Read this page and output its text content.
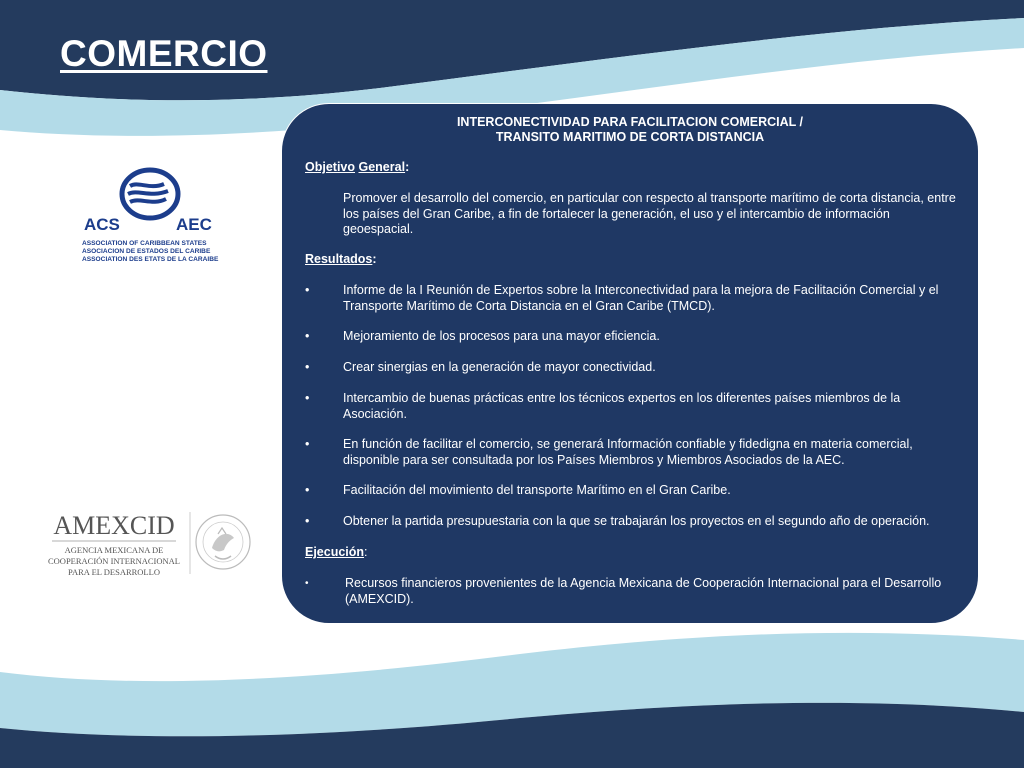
COMERCIO
ACS	AEC
ASSOCIATION OF CARIBBEAN STATES
ASOCIACION DE ESTADOS DEL CARIBE
ASSOCIATION DES ETATS DE LA CARAIBE
AMEXCID
AGENCIA MEXICANA DE
COOPERACIÓN INTERNACIONAL
PARA EL DESARROLLO
INTERCONECTIVIDAD PARA FACILITACION COMERCIAL /
TRANSITO MARITIMO DE CORTA DISTANCIA
Objetivo General:
Promover el desarrollo del comercio, en particular con respecto al transporte marítimo de corta distancia, entre los países del Gran Caribe, a fin de fortalecer la generación, el uso y el intercambio de información geoespacial.
Resultados:
•	Informe de la I Reunión de Expertos sobre la Interconectividad para la mejora de Facilitación Comercial y el Transporte Marítimo de Corta Distancia en el Gran Caribe (TMCD).
•	Mejoramiento de los procesos para una mayor eficiencia.
•	Crear sinergias en la generación de mayor conectividad.
•	Intercambio de buenas prácticas entre los técnicos expertos en los diferentes países miembros de la Asociación.
•	En función de facilitar el comercio, se generará Información confiable y fidedigna en materia comercial, disponible para ser consultada por los Países Miembros y Miembros Asociados de la AEC.
•	Facilitación del movimiento del transporte Marítimo en el Gran Caribe.
•	Obtener la partida presupuestaria con la que se trabajarán los proyectos en el segundo año de operación.
Ejecución:
•	Recursos financieros provenientes de la Agencia Mexicana de Cooperación Internacional para el Desarrollo (AMEXCID).
